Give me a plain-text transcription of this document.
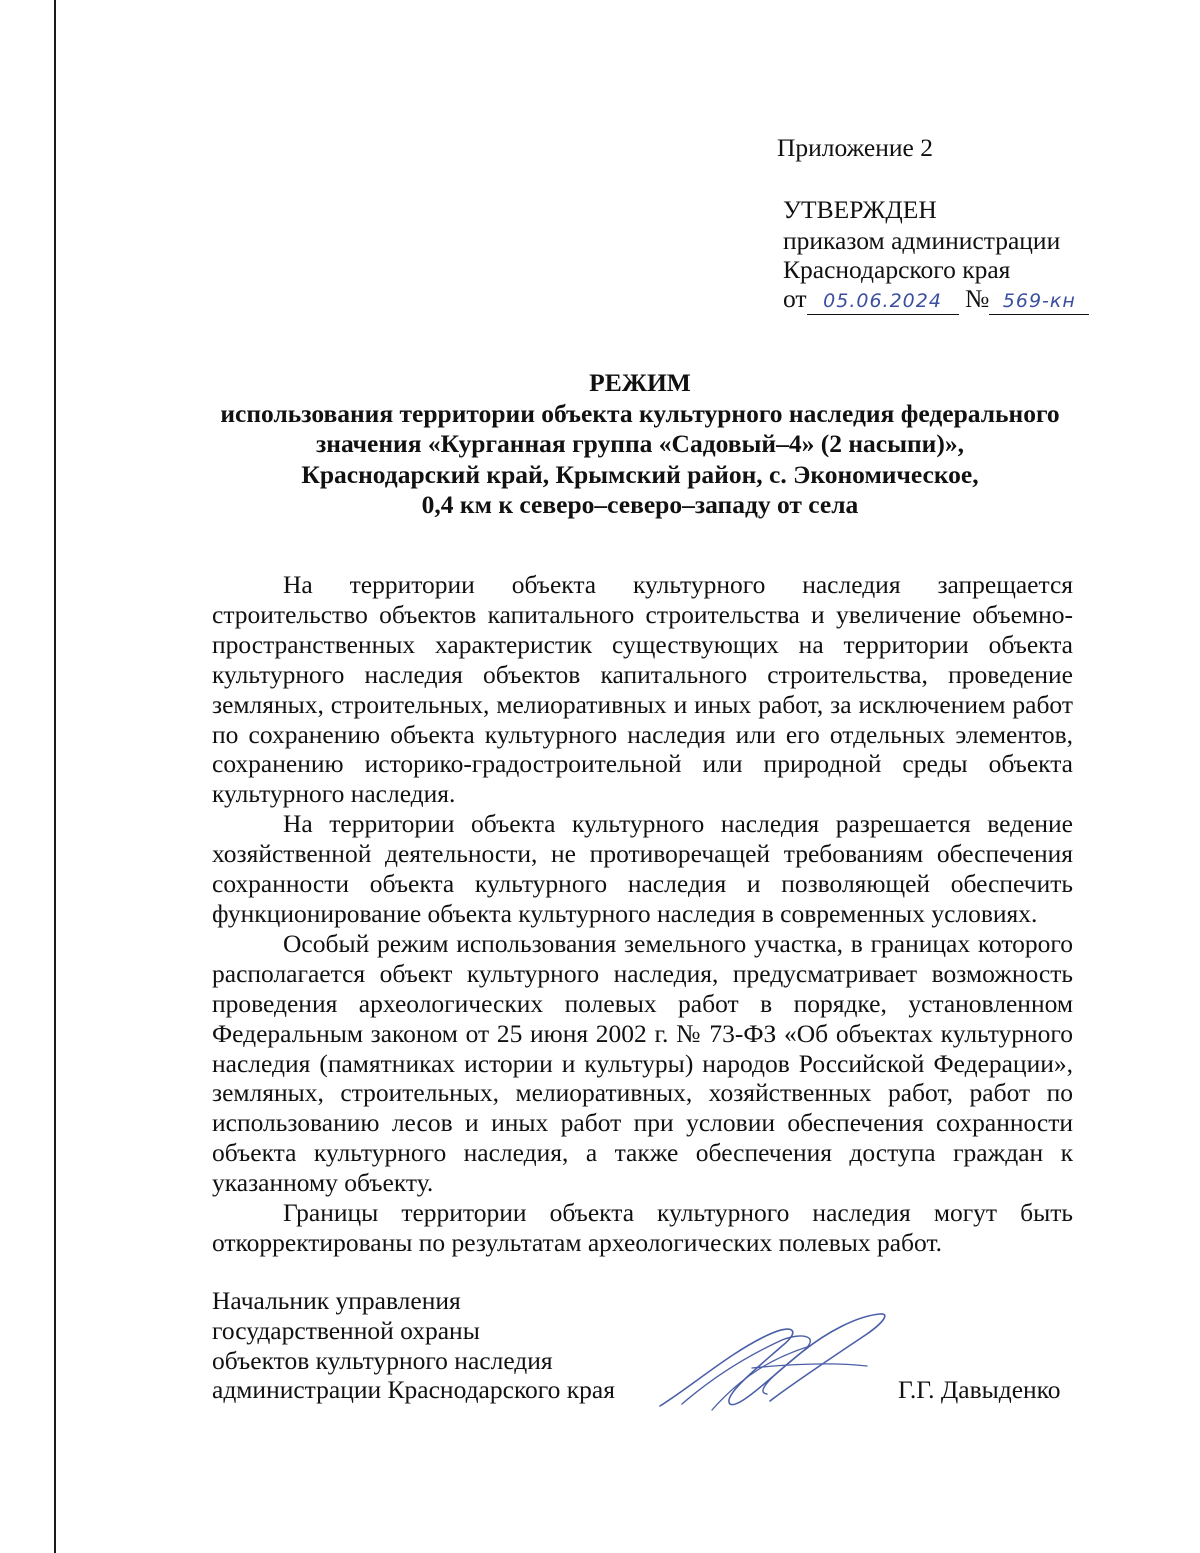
Приложение 2
УТВЕРЖДЕН
приказом администрации
Краснодарского края
от 05.06.2024 № 569-кн
РЕЖИМ
использования территории объекта культурного наследия федерального
значения «Курганная группа «Садовый–4» (2 насыпи)»,
Краснодарский край, Крымский район, с. Экономическое,
0,4 км к северо–северо–западу от села

На территории объекта культурного наследия запрещается строительство объектов капитального строительства и увеличение объемно-пространственных характеристик существующих на территории объекта культурного наследия объектов капитального строительства, проведение земляных, строительных, мелиоративных и иных работ, за исключением работ по сохранению объекта культурного наследия или его отдельных элементов, сохранению историко-градостроительной или природной среды объекта культурного наследия.

На территории объекта культурного наследия разрешается ведение хозяйственной деятельности, не противоречащей требованиям обеспечения сохранности объекта культурного наследия и позволяющей обеспечить функционирование объекта культурного наследия в современных условиях.

Особый режим использования земельного участка, в границах которого располагается объект культурного наследия, предусматривает возможность проведения археологических полевых работ в порядке, установленном Федеральным законом от 25 июня 2002 г. № 73-ФЗ «Об объектах культурного наследия (памятниках истории и культуры) народов Российской Федерации», земляных, строительных, мелиоративных, хозяйственных работ, работ по использованию лесов и иных работ при условии обеспечения сохранности объекта культурного наследия, а также обеспечения доступа граждан к указанному объекту.

Границы территории объекта культурного наследия могут быть откорректированы по результатам археологических полевых работ.

Начальник управления
государственной охраны
объектов культурного наследия
администрации Краснодарского края	Г.Г. Давыденко
